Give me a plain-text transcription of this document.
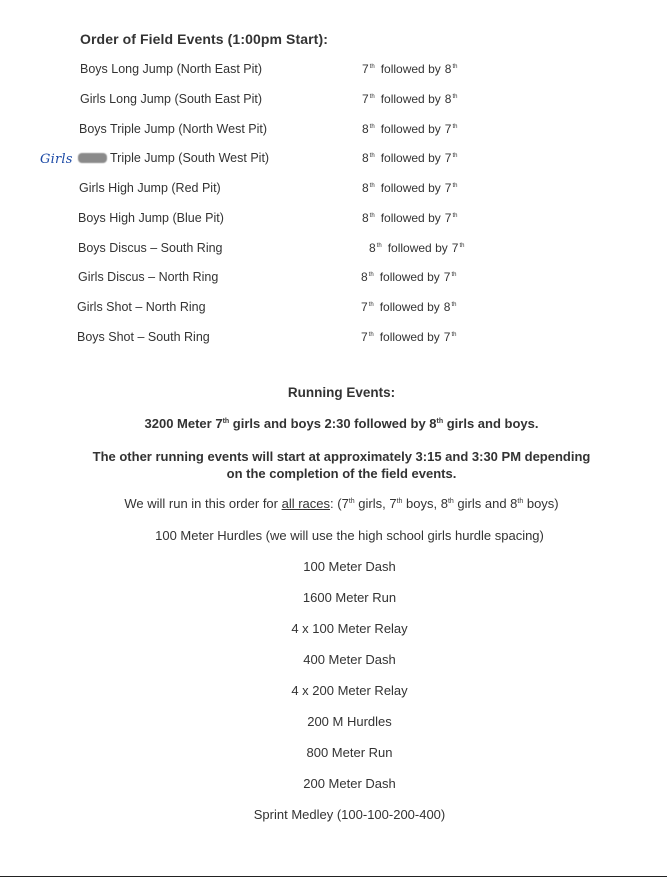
Order of Field Events (1:00pm Start):
Girls
Boys Long Jump (North East Pit)	7th followed by 8th
Girls Long Jump (South East Pit)	7th followed by 8th
Boys Triple Jump (North West Pit)	8th followed by 7th
Triple Jump (South West Pit)	8th followed by 7th
Girls High Jump (Red Pit)	8th followed by 7th
Boys High Jump (Blue Pit)	8th followed by 7th
Boys Discus – South Ring	8th followed by 7th
Girls Discus – North Ring	8th followed by 7th
Girls Shot – North Ring	7th followed by 8th
Boys Shot – South Ring	7th followed by 7th
Running Events:
3200 Meter 7th girls and boys 2:30 followed by 8th girls and boys.
The other running events will start at approximately 3:15 and 3:30 PM depending
on the completion of the field events.
We will run in this order for all races: (7th girls, 7th boys, 8th girls and 8th boys)
100 Meter Hurdles (we will use the high school girls hurdle spacing)
100 Meter Dash
1600 Meter Run
4 x 100 Meter Relay
400 Meter Dash
4 x 200 Meter Relay
200 M Hurdles
800 Meter Run
200 Meter Dash
Sprint Medley (100-100-200-400)
